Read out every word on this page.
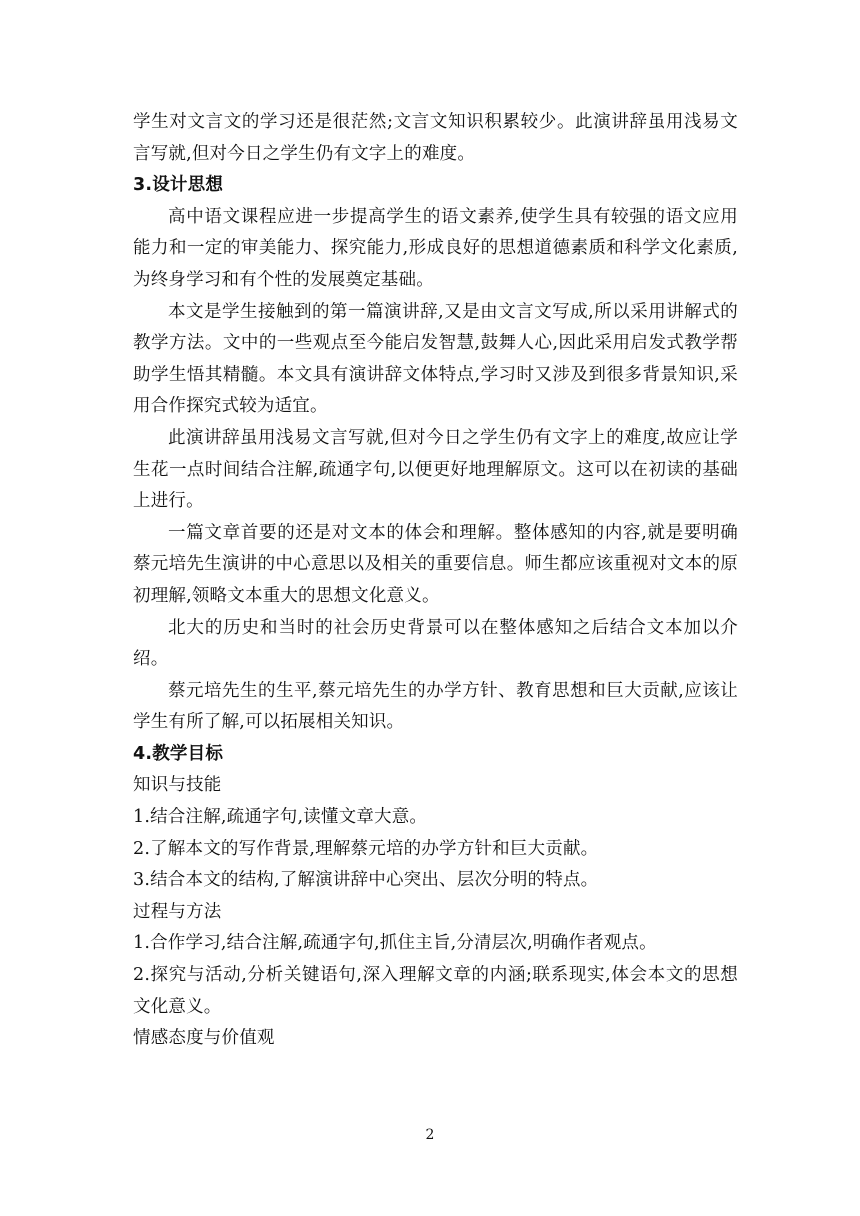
学生对文言文的学习还是很茫然;文言文知识积累较少。此演讲辞虽用浅易文言写就,但对今日之学生仍有文字上的难度。

3.设计思想

高中语文课程应进一步提高学生的语文素养,使学生具有较强的语文应用能力和一定的审美能力、探究能力,形成良好的思想道德素质和科学文化素质,为终身学习和有个性的发展奠定基础。

本文是学生接触到的第一篇演讲辞,又是由文言文写成,所以采用讲解式的教学方法。文中的一些观点至今能启发智慧,鼓舞人心,因此采用启发式教学帮助学生悟其精髓。本文具有演讲辞文体特点,学习时又涉及到很多背景知识,采用合作探究式较为适宜。

此演讲辞虽用浅易文言写就,但对今日之学生仍有文字上的难度,故应让学生花一点时间结合注解,疏通字句,以便更好地理解原文。这可以在初读的基础上进行。

一篇文章首要的还是对文本的体会和理解。整体感知的内容,就是要明确蔡元培先生演讲的中心意思以及相关的重要信息。师生都应该重视对文本的原初理解,领略文本重大的思想文化意义。

北大的历史和当时的社会历史背景可以在整体感知之后结合文本加以介绍。

蔡元培先生的生平,蔡元培先生的办学方针、教育思想和巨大贡献,应该让学生有所了解,可以拓展相关知识。

4.教学目标

知识与技能

1.结合注解,疏通字句,读懂文章大意。

2.了解本文的写作背景,理解蔡元培的办学方针和巨大贡献。

3.结合本文的结构,了解演讲辞中心突出、层次分明的特点。

过程与方法

1.合作学习,结合注解,疏通字句,抓住主旨,分清层次,明确作者观点。

2.探究与活动,分析关键语句,深入理解文章的内涵;联系现实,体会本文的思想文化意义。

情感态度与价值观

2
